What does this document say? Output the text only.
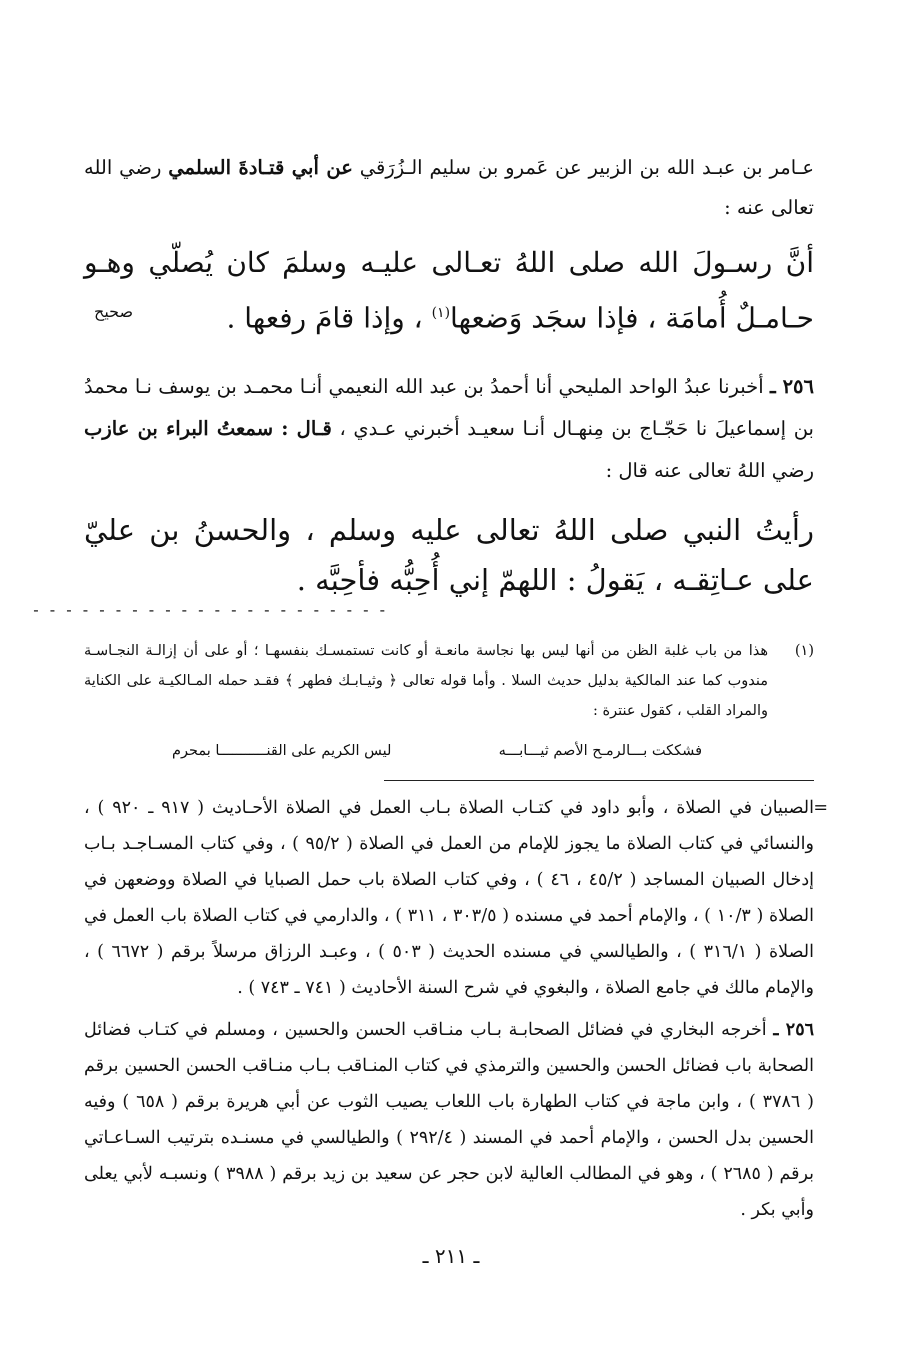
عـامر بن عبـد الله بن الزبير عن عَمرو بن سليم الـزُرَقي عن أبي قتـادةَ السلمي رضي الله تعالى عنه :
أنَّ رسـولَ الله صلى اللهُ تعـالى عليـه وسلمَ كان يُصلّي وهـو حـامـلٌ أُمامَة ، فإذا سجَد وَضعها$^{(١)}$ ، وإذا قامَ رفعها .
صحيح
٢٥٦ ـ أخبرنا عبدُ الواحد المليحي أنا أحمدُ بن عبد الله النعيمي أنـا محمـد بن يوسف نـا محمدُ بن إسماعيلَ نا حَجّـاج بن مِنهـال أنـا سعيـد أخبرني عـدي ، قـال : سمعتُ البراء بن عازب رضي اللهُ تعالى عنه قال :
رأيتُ النبي صلى اللهُ تعالى عليه وسلم ، والحسنُ بن عليّ على عـاتِقـه ، يَقولُ : اللهمّ إني أُحِبُّه فأحِبَّه .
- - - - - - - - - - - - - - - - - - - - - -
(١)
هذا من باب غلبة الظن من أنها ليس بها نجاسة مانعـة أو كانت تستمسـك بنفسهـا ؛ أو على أن إزالـة النجـاسـة مندوب كما عند المالكية بدليل حديث السلا . وأما قوله تعالى ﴿ وثيـابـك فطهر ﴾ فقـد حمله المـالكيـة على الكناية والمراد القلب ، كقول عنترة :
فشككت بـــالرمـح الأصم ثيـــابـــه
ليس الكريم على القنـــــــــــا بمحرم
=
الصبيان في الصلاة ، وأبو داود في كتـاب الصلاة بـاب العمل في الصلاة الأحـاديث ( ٩١٧ ـ ٩٢٠ ) ، والنسائي في كتاب الصلاة ما يجوز للإمام من العمل في الصلاة ( ٩٥/٢ ) ، وفي كتاب المسـاجـد بـاب إدخال الصبيان المساجد ( ٤٥/٢ ، ٤٦ ) ، وفي كتاب الصلاة باب حمل الصبايا في الصلاة ووضعهن في الصلاة ( ١٠/٣ ) ، والإمام أحمد في مسنده ( ٣٠٣/٥ ، ٣١١ ) ، والدارمي في كتاب الصلاة باب العمل في الصلاة ( ٣١٦/١ ) ، والطيالسي في مسنده الحديث ( ٥٠٣ ) ، وعبـد الرزاق مرسلاً برقم ( ٦٦٧٢ ) ، والإمام مالك في جامع الصلاة ، والبغوي في شرح السنة الأحاديث ( ٧٤١ ـ ٧٤٣ ) .
٢٥٦ ـ أخرجه البخاري في فضائل الصحابـة بـاب منـاقب الحسن والحسين ، ومسلم في كتـاب فضائل الصحابة باب فضائل الحسن والحسين والترمذي في كتاب المنـاقب بـاب منـاقب الحسن الحسين برقم ( ٣٧٨٦ ) ، وابن ماجة في كتاب الطهارة باب اللعاب يصيب الثوب عن أبي هريرة برقم ( ٦٥٨ ) وفيه الحسين بدل الحسن ، والإمام أحمد في المسند ( ٢٩٢/٤ ) والطيالسي في مسنـده بترتيب السـاعـاتي برقم ( ٢٦٨٥ ) ، وهو في المطالب العالية لابن حجر عن سعيد بن زيد برقم ( ٣٩٨٨ ) ونسبـه لأبي يعلى وأبي بكر .
ـ ٢١١ ـ
